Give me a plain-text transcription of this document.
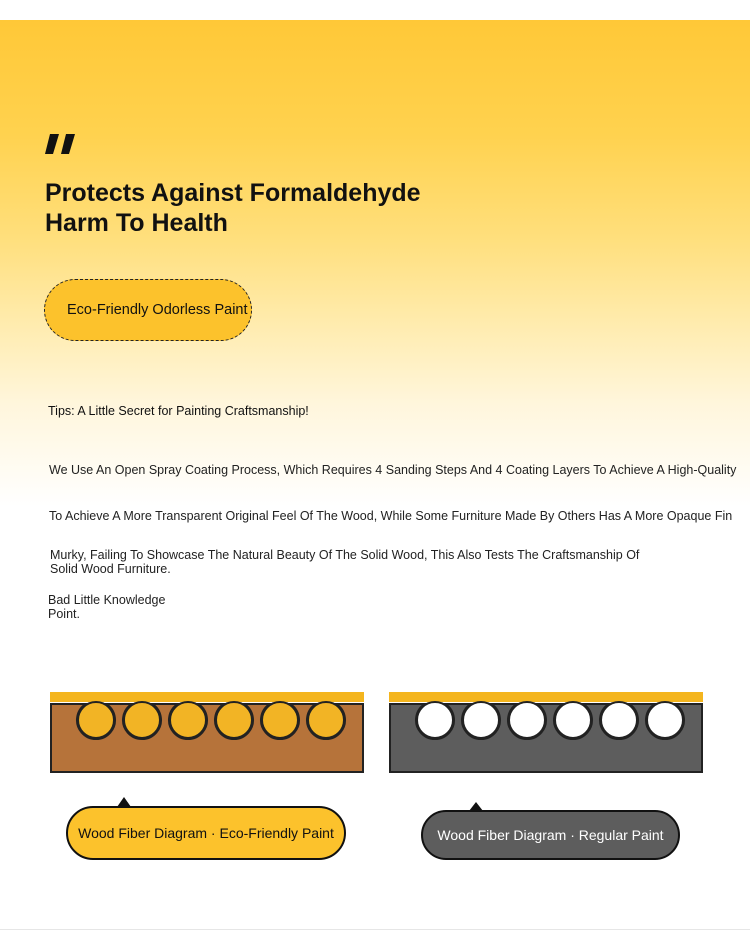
Protects Against Formaldehyde
Harm To Health
Eco-Friendly Odorless Paint

Tips: A Little Secret for Painting Craftsmanship!

We Use An Open Spray Coating Process, Which Requires 4 Sanding Steps And 4 Coating Layers To Achieve A High-Quality

To Achieve A More Transparent Original Feel Of The Wood, While Some Furniture Made By Others Has A More Opaque Fin

Murky, Failing To Showcase The Natural Beauty Of The Solid Wood, This Also Tests The Craftsmanship Of Solid Wood Furniture.

Bad Little Knowledge Point.

Wood Fiber Diagram · Eco-Friendly Paint	Wood Fiber Diagram · Regular Paint
